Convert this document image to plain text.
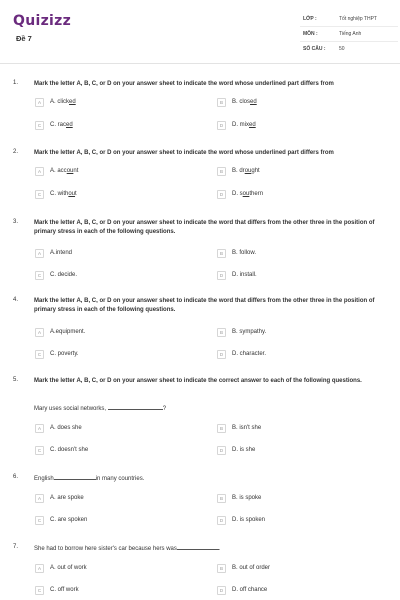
Quizizz
Đề 7
LỚP :	Tốt nghiệp THPT
MÔN :	Tiếng Anh
SỐ CÂU :	50
1.	Mark the letter A, B, C, or D on your answer sheet to indicate the word whose underlined part differs from
A	A. clicked	B	B. closed
C	C. raced	D	D. mixed
2.	Mark the letter A, B, C, or D on your answer sheet to indicate the word whose underlined part differs from
A	A. account	B	B. drought
C	C. without	D	D. southern
3.	Mark the letter A, B, C, or D on your answer sheet to indicate the word that differs from the other three in the position of primary stress in each of the following questions.
A	A.intend	B	B. follow.
C	C. decide.	D	D. install.
4.	Mark the letter A, B, C, or D on your answer sheet to indicate the word that differs from the other three in the position of primary stress in each of the following questions.
A	A.equipment.	B	B. sympathy.
C	C. poverty.	D	D. character.
5.	Mark the letter A, B, C, or D on your answer sheet to indicate the correct answer to each of the following questions.
Mary uses social networks,	?
A	A. does she	B	B. isn't she
C	C. doesn't she	D	D. is she
6.	English	in many countries.
A	A. are spoke	B	B. is spoke
C	C. are spoken	D	D. is spoken
7.	She had to borrow here sister's car because hers was	.
A	A. out of work	B	B. out of order
C	C. off work	D	D. off chance
